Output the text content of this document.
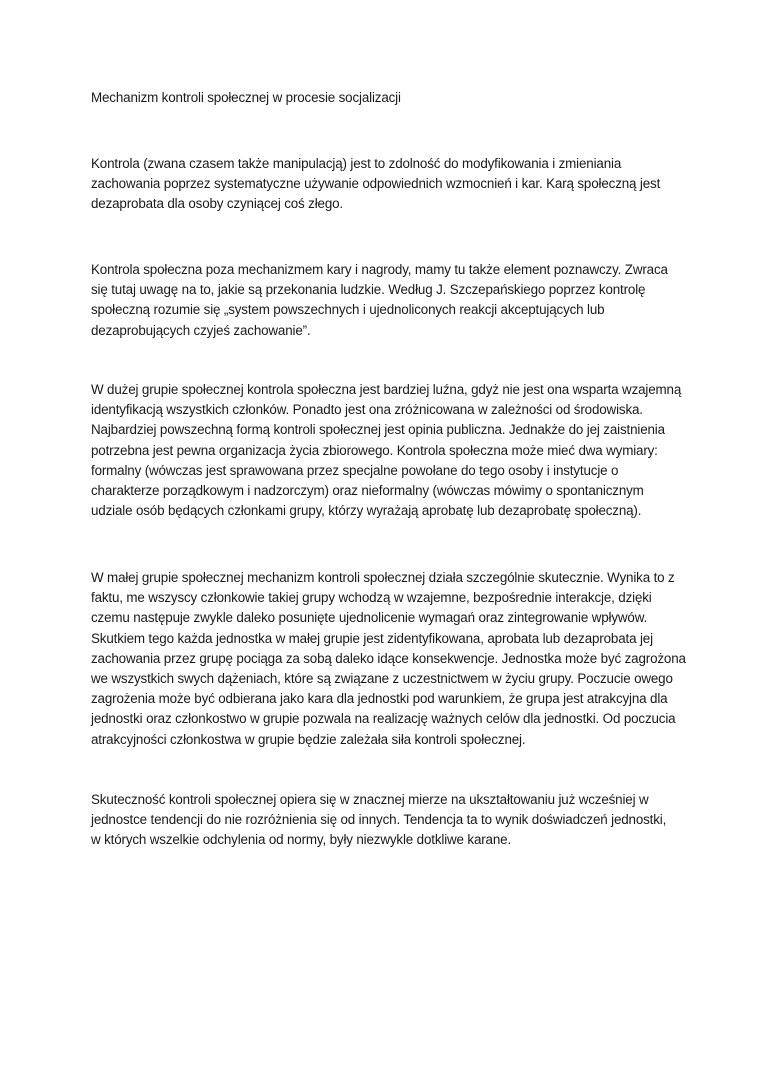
Mechanizm kontroli społecznej w procesie socjalizacji

Kontrola (zwana czasem także manipulacją) jest to zdolność do modyfikowania i zmieniania
zachowania poprzez systematyczne używanie odpowiednich wzmocnień i kar. Karą społeczną jest
dezaprobata dla osoby czyniącej coś złego.

Kontrola społeczna poza mechanizmem kary i nagrody, mamy tu także element poznawczy. Zwraca
się tutaj uwagę na to, jakie są przekonania ludzkie. Według J. Szczepańskiego poprzez kontrolę
społeczną rozumie się „system powszechnych i ujednoliconych reakcji akceptujących lub
dezaprobujących czyjeś zachowanie”.

W dużej grupie społecznej kontrola społeczna jest bardziej luźna, gdyż nie jest ona wsparta wzajemną
identyfikacją wszystkich członków. Ponadto jest ona zróżnicowana w zależności od środowiska.
Najbardziej powszechną formą kontroli społecznej jest opinia publiczna. Jednakże do jej zaistnienia
potrzebna jest pewna organizacja życia zbiorowego. Kontrola społeczna może mieć dwa wymiary:
formalny (wówczas jest sprawowana przez specjalne powołane do tego osoby i instytucje o
charakterze porządkowym i nadzorczym) oraz nieformalny (wówczas mówimy o spontanicznym
udziale osób będących członkami grupy, którzy wyrażają aprobatę lub dezaprobatę społeczną).

W małej grupie społecznej mechanizm kontroli społecznej działa szczególnie skutecznie. Wynika to z
faktu, me wszyscy członkowie takiej grupy wchodzą w wzajemne, bezpośrednie interakcje, dzięki
czemu następuje zwykle daleko posunięte ujednolicenie wymagań oraz zintegrowanie wpływów.
Skutkiem tego każda jednostka w małej grupie jest zidentyfikowana, aprobata lub dezaprobata jej
zachowania przez grupę pociąga za sobą daleko idące konsekwencje. Jednostka może być zagrożona
we wszystkich swych dążeniach, które są związane z uczestnictwem w życiu grupy. Poczucie owego
zagrożenia może być odbierana jako kara dla jednostki pod warunkiem, że grupa jest atrakcyjna dla
jednostki oraz członkostwo w grupie pozwala na realizację ważnych celów dla jednostki. Od poczucia
atrakcyjności członkostwa w grupie będzie zależała siła kontroli społecznej.

Skuteczność kontroli społecznej opiera się w znacznej mierze na ukształtowaniu już wcześniej w
jednostce tendencji do nie rozróżnienia się od innych. Tendencja ta to wynik doświadczeń jednostki,
w których wszelkie odchylenia od normy, były niezwykle dotkliwe karane.
